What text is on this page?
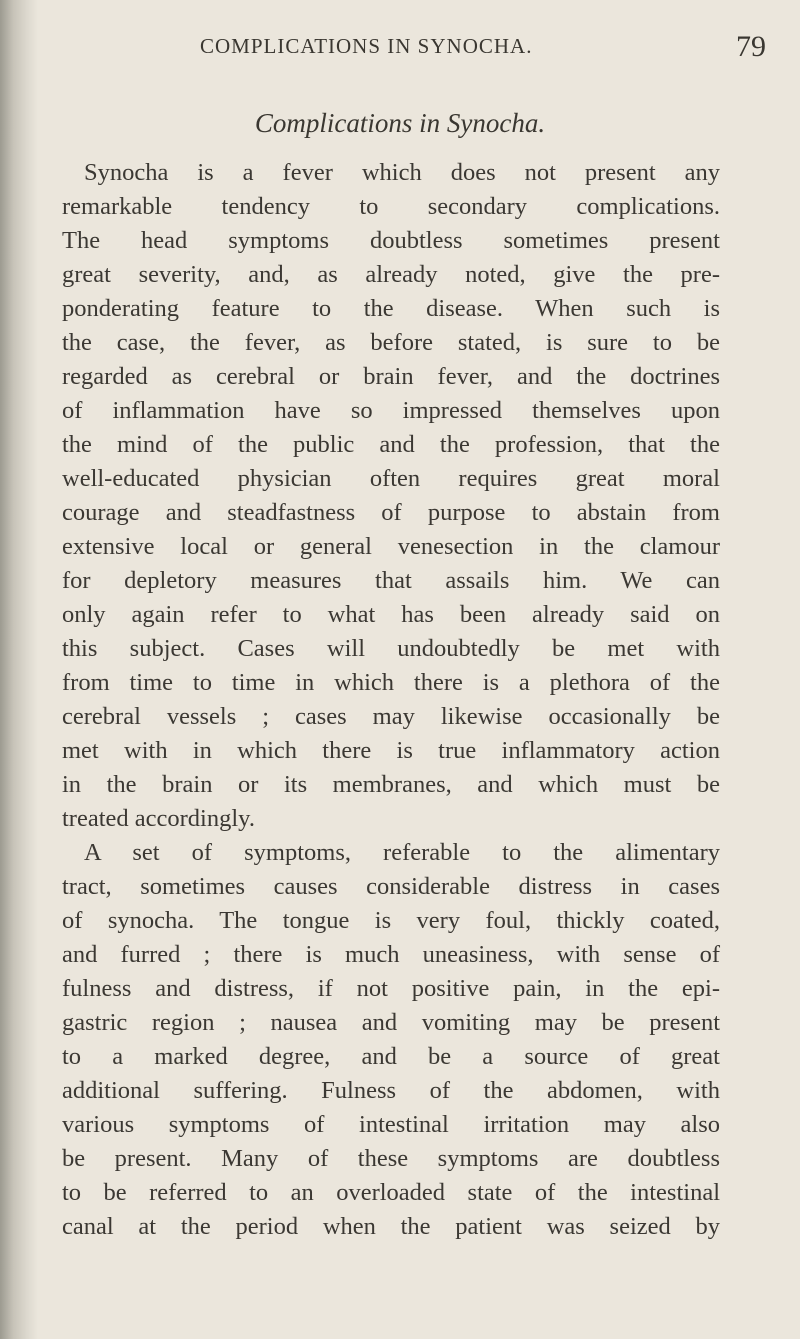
COMPLICATIONS IN SYNOCHA.	79
Complications in Synocha.
Synocha is a fever which does not present any
remarkable tendency to secondary complications.
The head symptoms doubtless sometimes present
great severity, and, as already noted, give the pre-
ponderating feature to the disease. When such is
the case, the fever, as before stated, is sure to be
regarded as cerebral or brain fever, and the doctrines
of inflammation have so impressed themselves upon
the mind of the public and the profession, that the
well-educated physician often requires great moral
courage and steadfastness of purpose to abstain from
extensive local or general venesection in the clamour
for depletory measures that assails him. We can
only again refer to what has been already said on
this subject. Cases will undoubtedly be met with
from time to time in which there is a plethora of the
cerebral vessels ; cases may likewise occasionally be
met with in which there is true inflammatory action
in the brain or its membranes, and which must be
treated accordingly.
A set of symptoms, referable to the alimentary
tract, sometimes causes considerable distress in cases
of synocha. The tongue is very foul, thickly coated,
and furred ; there is much uneasiness, with sense of
fulness and distress, if not positive pain, in the epi-
gastric region ; nausea and vomiting may be present
to a marked degree, and be a source of great
additional suffering. Fulness of the abdomen, with
various symptoms of intestinal irritation may also
be present. Many of these symptoms are doubtless
to be referred to an overloaded state of the intestinal
canal at the period when the patient was seized by
